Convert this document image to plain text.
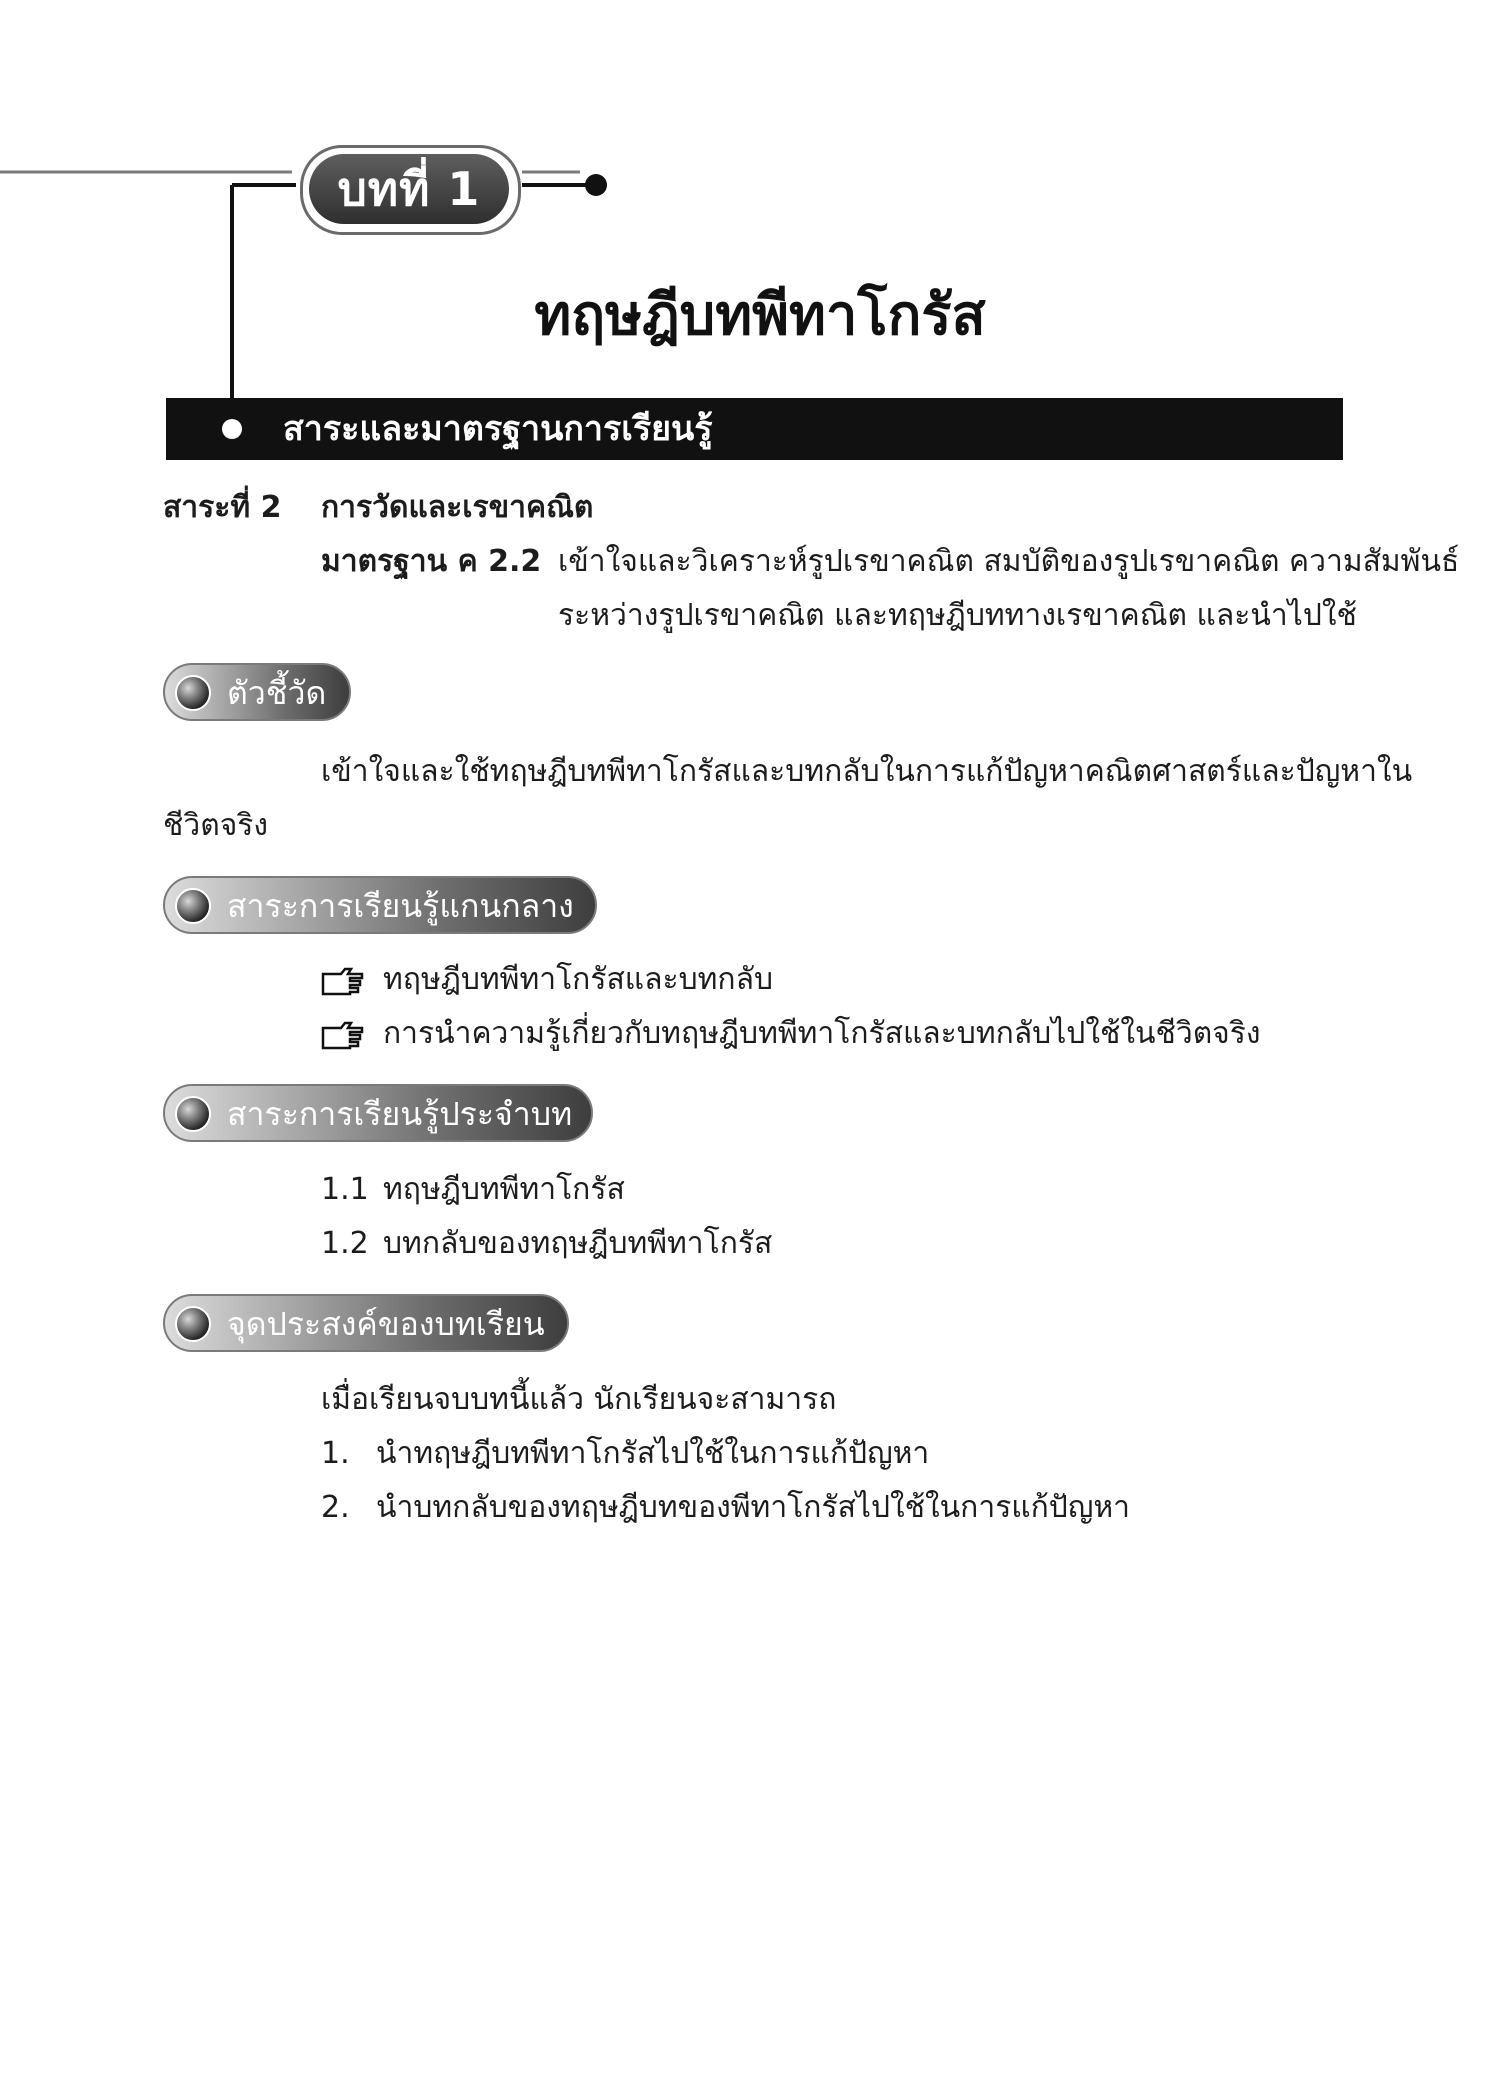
บทที่ 1
ทฤษฎีบทพีทาโกรัส
สาระและมาตรฐานการเรียนรู้
สาระที่ 2 การวัดและเรขาคณิต
มาตรฐาน ค 2.2 เข้าใจและวิเคราะห์รูปเรขาคณิต สมบัติของรูปเรขาคณิต ความสัมพันธ์
ระหว่างรูปเรขาคณิต และทฤษฎีบททางเรขาคณิต และนำไปใช้
ตัวชี้วัด
เข้าใจและใช้ทฤษฎีบทพีทาโกรัสและบทกลับในการแก้ปัญหาคณิตศาสตร์และปัญหาใน
ชีวิตจริง
สาระการเรียนรู้แกนกลาง
ทฤษฎีบทพีทาโกรัสและบทกลับ
การนำความรู้เกี่ยวกับทฤษฎีบทพีทาโกรัสและบทกลับไปใช้ในชีวิตจริง
สาระการเรียนรู้ประจำบท
1.1 ทฤษฎีบทพีทาโกรัส
1.2 บทกลับของทฤษฎีบทพีทาโกรัส
จุดประสงค์ของบทเรียน
เมื่อเรียนจบบทนี้แล้ว นักเรียนจะสามารถ
1. นำทฤษฎีบทพีทาโกรัสไปใช้ในการแก้ปัญหา
2. นำบทกลับของทฤษฎีบทของพีทาโกรัสไปใช้ในการแก้ปัญหา
